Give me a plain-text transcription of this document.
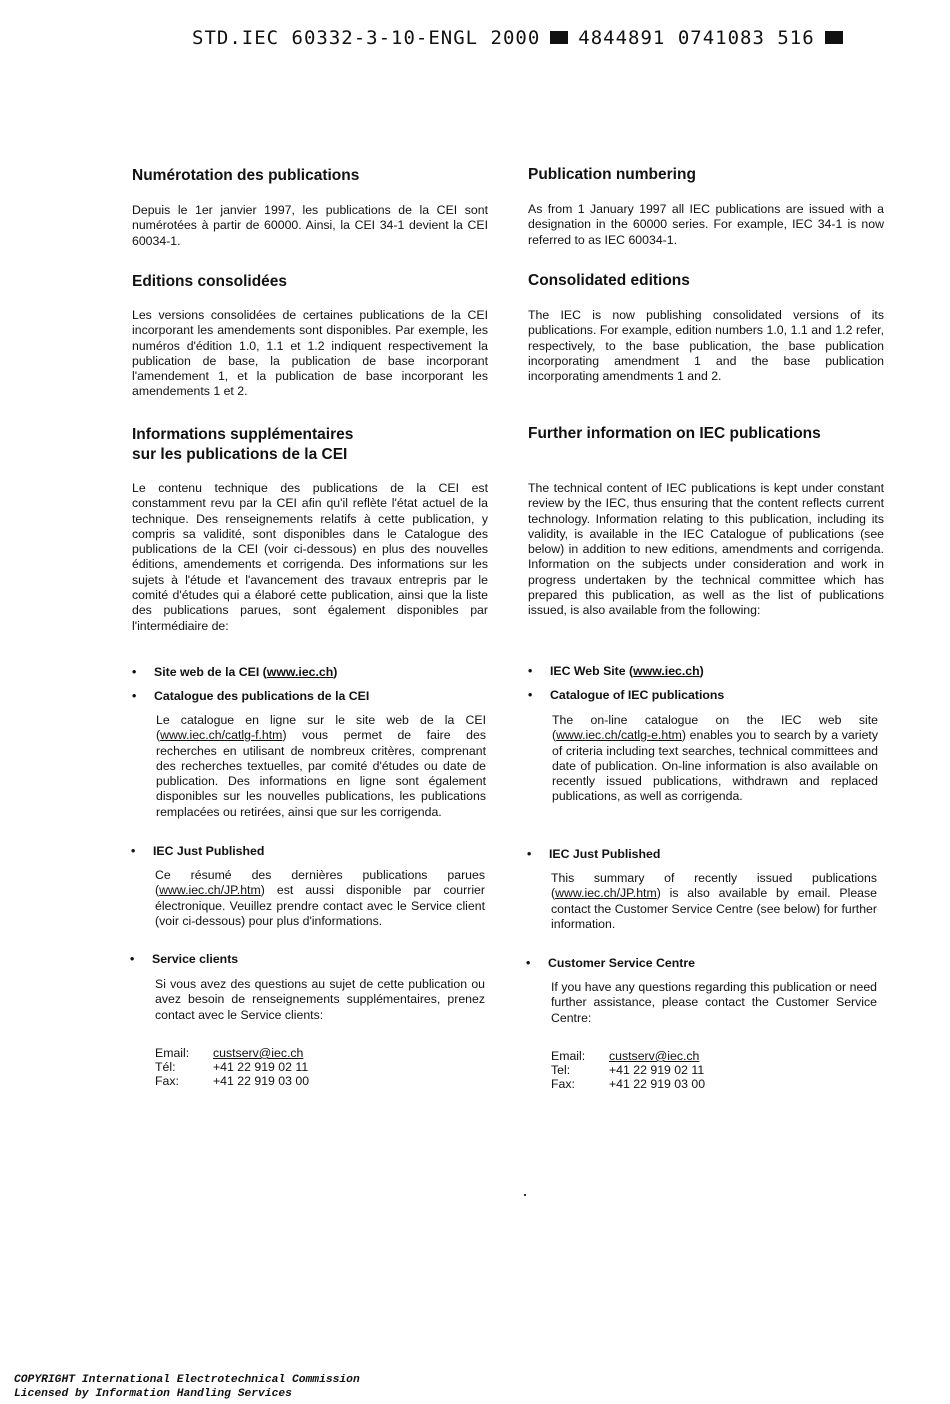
STD.IEC 60332-3-10-ENGL 2000 4844891 0741083 516
Numérotation des publications

Depuis le 1er janvier 1997, les publications de la CEI sont numérotées à partir de 60000. Ainsi, la CEI 34-1 devient la CEI 60034-1.

Editions consolidées

Les versions consolidées de certaines publications de la CEI incorporant les amendements sont disponibles. Par exemple, les numéros d'édition 1.0, 1.1 et 1.2 indiquent respectivement la publication de base, la publication de base incorporant l'amendement 1, et la publication de base incorporant les amendements 1 et 2.

Informations supplémentaires
sur les publications de la CEI

Le contenu technique des publications de la CEI est constamment revu par la CEI afin qu'il reflète l'état actuel de la technique. Des renseignements relatifs à cette publication, y compris sa validité, sont disponibles dans le Catalogue des publications de la CEI (voir ci-dessous) en plus des nouvelles éditions, amendements et corrigenda. Des informations sur les sujets à l'étude et l'avancement des travaux entrepris par le comité d'études qui a élaboré cette publication, ainsi que la liste des publications parues, sont également disponibles par l'intermédiaire de:

• Site web de la CEI (www.iec.ch)
• Catalogue des publications de la CEI

Le catalogue en ligne sur le site web de la CEI (www.iec.ch/catlg-f.htm) vous permet de faire des recherches en utilisant de nombreux critères, comprenant des recherches textuelles, par comité d'études ou date de publication. Des informations en ligne sont également disponibles sur les nouvelles publications, les publications remplacées ou retirées, ainsi que sur les corrigenda.

• IEC Just Published

Ce résumé des dernières publications parues (www.iec.ch/JP.htm) est aussi disponible par courrier électronique. Veuillez prendre contact avec le Service client (voir ci-dessous) pour plus d'informations.

• Service clients

Si vous avez des questions au sujet de cette publication ou avez besoin de renseignements supplémentaires, prenez contact avec le Service clients:

Email:	custserv@iec.ch
Tél:	+41 22 919 02 11
Fax:	+41 22 919 03 00
Publication numbering

As from 1 January 1997 all IEC publications are issued with a designation in the 60000 series. For example, IEC 34-1 is now referred to as IEC 60034-1.

Consolidated editions

The IEC is now publishing consolidated versions of its publications. For example, edition numbers 1.0, 1.1 and 1.2 refer, respectively, to the base publication, the base publication incorporating amendment 1 and the base publication incorporating amendments 1 and 2.

Further information on IEC publications

The technical content of IEC publications is kept under constant review by the IEC, thus ensuring that the content reflects current technology. Information relating to this publication, including its validity, is available in the IEC Catalogue of publications (see below) in addition to new editions, amendments and corrigenda. Information on the subjects under consideration and work in progress undertaken by the technical committee which has prepared this publication, as well as the list of publications issued, is also available from the following:

• IEC Web Site (www.iec.ch)
• Catalogue of IEC publications

The on-line catalogue on the IEC web site (www.iec.ch/catlg-e.htm) enables you to search by a variety of criteria including text searches, technical committees and date of publication. On-line information is also available on recently issued publications, withdrawn and replaced publications, as well as corrigenda.

• IEC Just Published

This summary of recently issued publications (www.iec.ch/JP.htm) is also available by email. Please contact the Customer Service Centre (see below) for further information.

• Customer Service Centre

If you have any questions regarding this publication or need further assistance, please contact the Customer Service Centre:

Email:	custserv@iec.ch
Tel:	+41 22 919 02 11
Fax:	+41 22 919 03 00
COPYRIGHT International Electrotechnical Commission
Licensed by Information Handling Services
